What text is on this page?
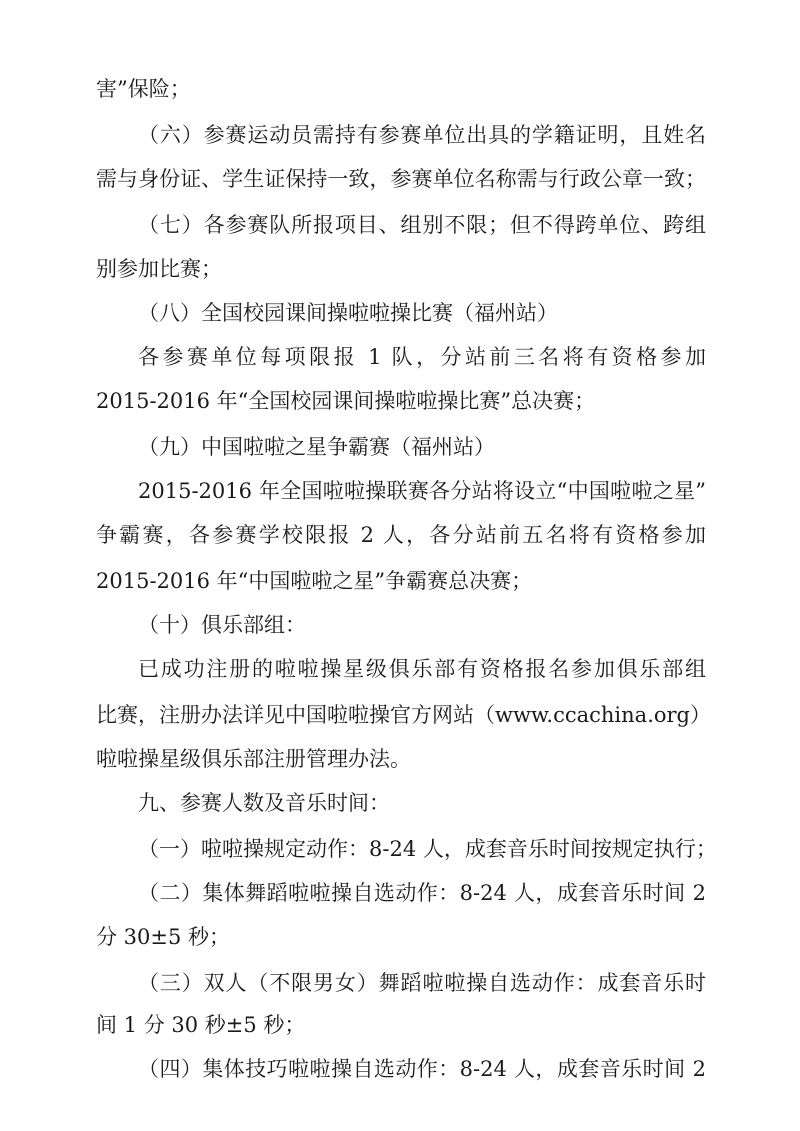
害”保险；
（六）参赛运动员需持有参赛单位出具的学籍证明，且姓名
需与身份证、学生证保持一致，参赛单位名称需与行政公章一致；
（七）各参赛队所报项目、组别不限；但不得跨单位、跨组
别参加比赛；
（八）全国校园课间操啦啦操比赛（福州站）
各参赛单位每项限报 1 队，分站前三名将有资格参加
2015-2016 年“全国校园课间操啦啦操比赛”总决赛；
（九）中国啦啦之星争霸赛（福州站）
2015-2016 年全国啦啦操联赛各分站将设立“中国啦啦之星”
争霸赛，各参赛学校限报 2 人，各分站前五名将有资格参加
2015-2016 年“中国啦啦之星”争霸赛总决赛；
（十）俱乐部组：
已成功注册的啦啦操星级俱乐部有资格报名参加俱乐部组
比赛，注册办法详见中国啦啦操官方网站（www.ccachina.org）
啦啦操星级俱乐部注册管理办法。
九、参赛人数及音乐时间：
（一）啦啦操规定动作：8-24 人，成套音乐时间按规定执行；
（二）集体舞蹈啦啦操自选动作：8-24 人，成套音乐时间 2
分 30±5 秒；
（三）双人（不限男女）舞蹈啦啦操自选动作：成套音乐时
间 1 分 30 秒±5 秒；
（四）集体技巧啦啦操自选动作：8-24 人，成套音乐时间 2
